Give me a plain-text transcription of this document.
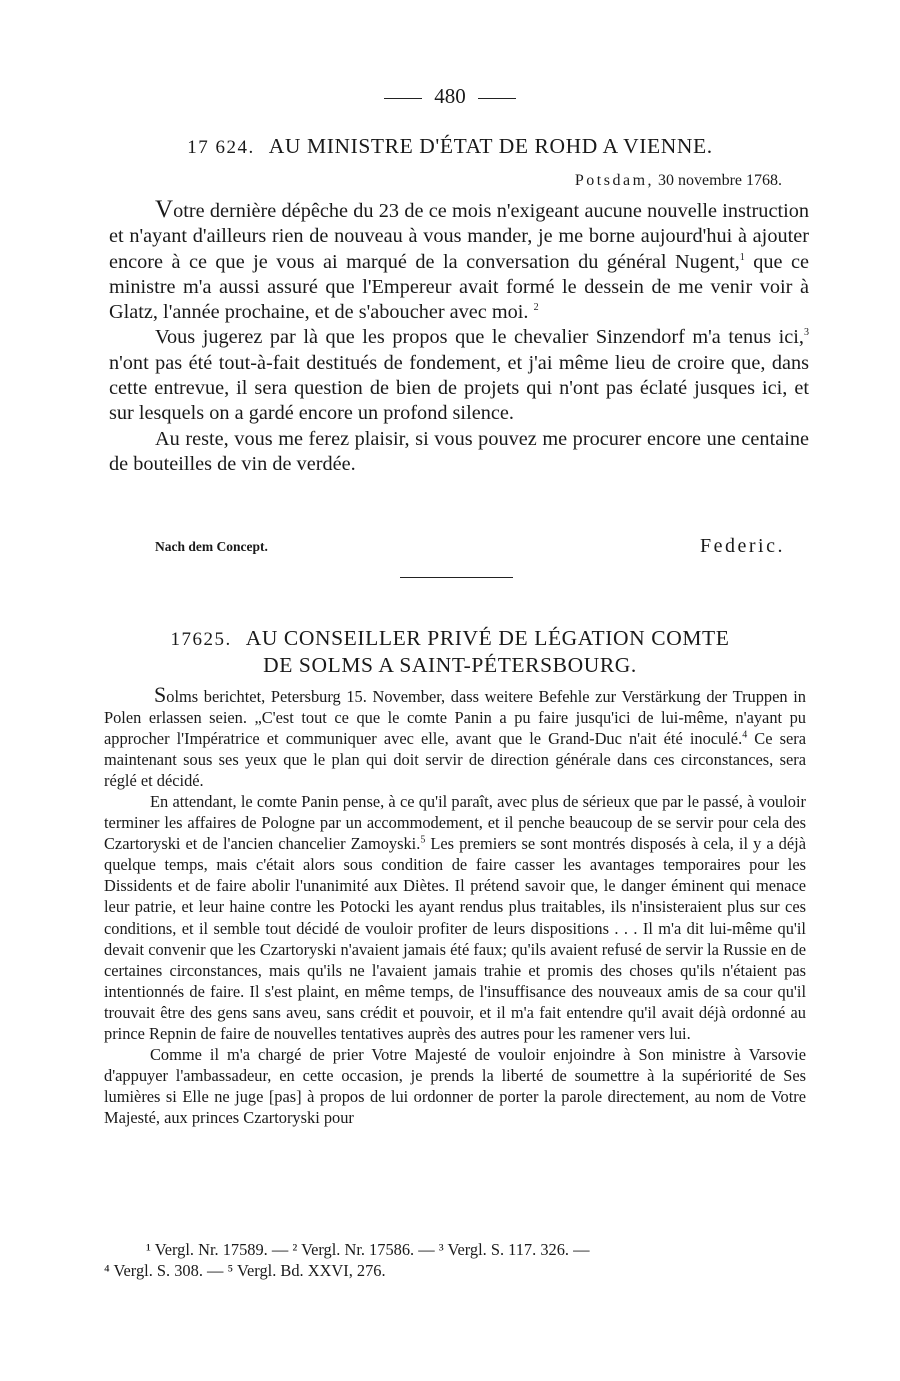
480
17 624. AU MINISTRE D'ÉTAT DE ROHD A VIENNE.
Potsdam, 30 novembre 1768.

Votre dernière dépêche du 23 de ce mois n'exigeant aucune nouvelle instruction et n'ayant d'ailleurs rien de nouveau à vous mander, je me borne aujourd'hui à ajouter encore à ce que je vous ai marqué de la conversation du général Nugent,$^1$ que ce ministre m'a aussi assuré que l'Empereur avait formé le dessein de me venir voir à Glatz, l'année prochaine, et de s'aboucher avec moi. $^2$

Vous jugerez par là que les propos que le chevalier Sinzendorf m'a tenus ici,$^3$ n'ont pas été tout-à-fait destitués de fondement, et j'ai même lieu de croire que, dans cette entrevue, il sera question de bien de projets qui n'ont pas éclaté jusques ici, et sur lesquels on a gardé encore un profond silence.

Au reste, vous me ferez plaisir, si vous pouvez me procurer encore une centaine de bouteilles de vin de verdée.

Nach dem Concept.	Federic.
17625. AU CONSEILLER PRIVÉ DE LÉGATION COMTE
DE SOLMS A SAINT-PÉTERSBOURG.

Solms berichtet, Petersburg 15. November, dass weitere Befehle zur Verstärkung der Truppen in Polen erlassen seien. „C'est tout ce que le comte Panin a pu faire jusqu'ici de lui-même, n'ayant pu approcher l'Impératrice et communiquer avec elle, avant que le Grand-Duc n'ait été inoculé.$^4$ Ce sera maintenant sous ses yeux que le plan qui doit servir de direction générale dans ces circonstances, sera réglé et décidé.

En attendant, le comte Panin pense, à ce qu'il paraît, avec plus de sérieux que par le passé, à vouloir terminer les affaires de Pologne par un accommodement, et il penche beaucoup de se servir pour cela des Czartoryski et de l'ancien chancelier Zamoyski.$^5$ Les premiers se sont montrés disposés à cela, il y a déjà quelque temps, mais c'était alors sous condition de faire casser les avantages temporaires pour les Dissidents et de faire abolir l'unanimité aux Diètes. Il prétend savoir que, le danger éminent qui menace leur patrie, et leur haine contre les Potocki les ayant rendus plus traitables, ils n'insisteraient plus sur ces conditions, et il semble tout décidé de vouloir profiter de leurs dispositions . . . Il m'a dit lui-même qu'il devait convenir que les Czartoryski n'avaient jamais été faux; qu'ils avaient refusé de servir la Russie en de certaines circonstances, mais qu'ils ne l'avaient jamais trahie et promis des choses qu'ils n'étaient pas intentionnés de faire. Il s'est plaint, en même temps, de l'insuffisance des nouveaux amis de sa cour qu'il trouvait être des gens sans aveu, sans crédit et pouvoir, et il m'a fait entendre qu'il avait déjà ordonné au prince Repnin de faire de nouvelles tentatives auprès des autres pour les ramener vers lui.

Comme il m'a chargé de prier Votre Majesté de vouloir enjoindre à Son ministre à Varsovie d'appuyer l'ambassadeur, en cette occasion, je prends la liberté de soumettre à la supériorité de Ses lumières si Elle ne juge [pas] à propos de lui ordonner de porter la parole directement, au nom de Votre Majesté, aux princes Czartoryski pour

¹ Vergl. Nr. 17589. — ² Vergl. Nr. 17586. — ³ Vergl. S. 117. 326. —
⁴ Vergl. S. 308. — ⁵ Vergl. Bd. XXVI, 276.
